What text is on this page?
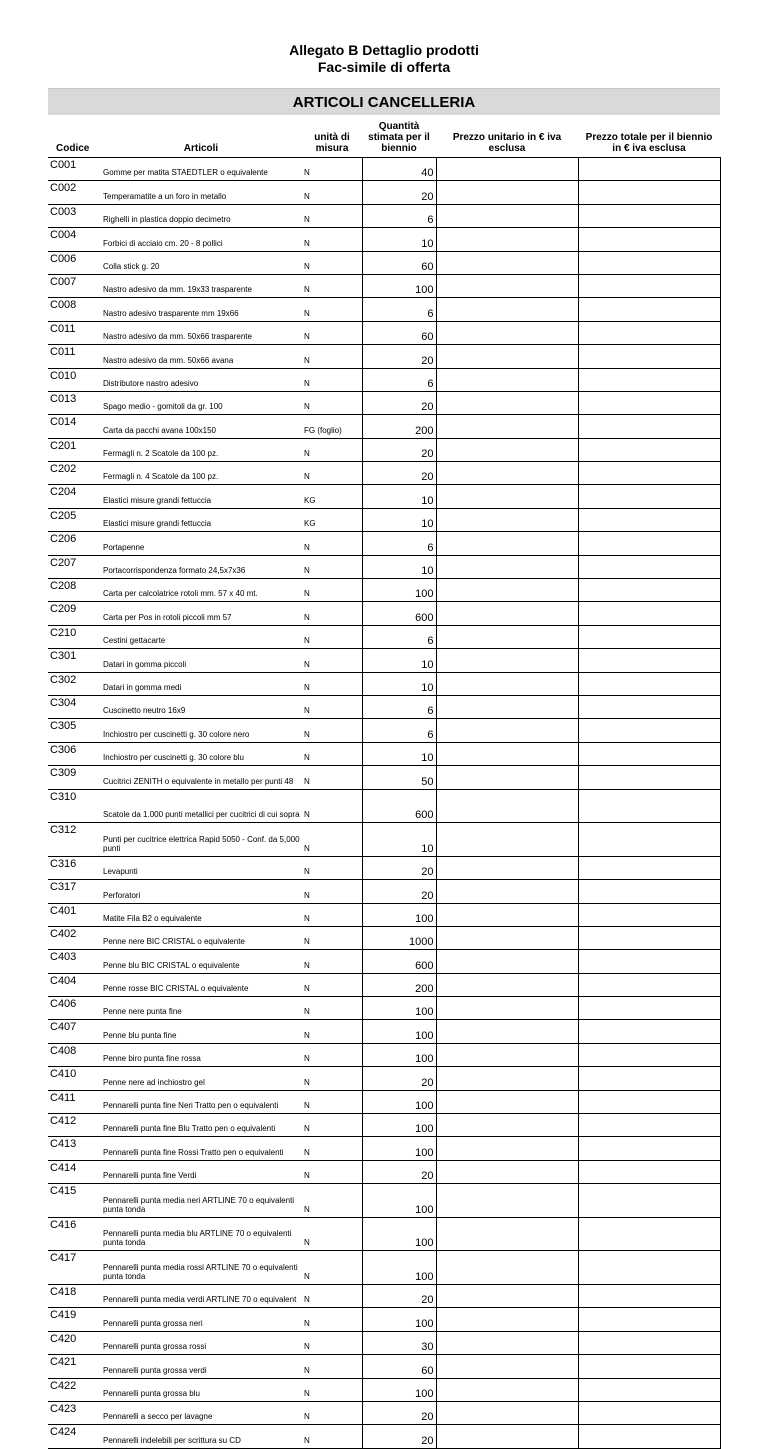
Allegato B Dettaglio prodotti
Fac-simile di offerta
ARTICOLI CANCELLERIA
Codice	Articoli	unità di misura	Quantità stimata per il biennio	Prezzo unitario in € iva esclusa	Prezzo totale per il biennio in € iva esclusa
C001	Gomme per matita STAEDTLER o equivalente	N	40		
C002	Temperamatite a un foro in metallo	N	20		
C003	Righelli in plastica doppio decimetro	N	6		
C004	Forbici di acciaio cm. 20 - 8 pollici	N	10		
C006	Colla stick g. 20	N	60		
C007	Nastro adesivo da mm. 19x33 trasparente	N	100		
C008	Nastro adesivo trasparente mm 19x66	N	6		
C011	Nastro adesivo da mm. 50x66 trasparente	N	60		
C011	Nastro adesivo da mm. 50x66 avana	N	20		
C010	Distributore nastro adesivo	N	6		
C013	Spago medio - gomitoli da gr. 100	N	20		
C014	Carta da pacchi avana 100x150	FG (foglio)	200		
C201	Fermagli n. 2 Scatole da 100 pz.	N	20		
C202	Fermagli n. 4 Scatole da 100 pz.	N	20		
C204	Elastici misure grandi fettuccia	KG	10		
C205	Elastici misure grandi fettuccia	KG	10		
C206	Portapenne	N	6		
C207	Portacorrispondenza formato 24,5x7x36	N	10		
C208	Carta per calcolatrice rotoli mm. 57 x 40 mt.	N	100		
C209	Carta per Pos in rotoli piccoli mm 57	N	600		
C210	Cestini gettacarte	N	6		
C301	Datari in gomma piccoli	N	10		
C302	Datari in gomma medi	N	10		
C304	Cuscinetto neutro 16x9	N	6		
C305	Inchiostro per cuscinetti g. 30 colore nero	N	6		
C306	Inchiostro per cuscinetti g. 30 colore blu	N	10		
C309	Cucitrici ZENITH o equivalente in metallo per punti 48	N	50		
C310	Scatole da 1.000 punti metallici per cucitrici di cui sopra	N	600		
C312	Punti per cucitrice elettrica Rapid 5050 - Conf. da 5,000 punti	N	10		
C316	Levapunti	N	20		
C317	Perforatori	N	20		
C401	Matite Fila B2 o equivalente	N	100		
C402	Penne nere BIC CRISTAL o equivalente	N	1000		
C403	Penne blu BIC CRISTAL o equivalente	N	600		
C404	Penne rosse BIC CRISTAL o equivalente	N	200		
C406	Penne nere punta fine	N	100		
C407	Penne blu punta fine	N	100		
C408	Penne biro punta fine rossa	N	100		
C410	Penne nere ad inchiostro gel	N	20		
C411	Pennarelli punta fine Neri Tratto pen o equivalenti	N	100		
C412	Pennarelli punta fine Blu Tratto pen o equivalenti	N	100		
C413	Pennarelli punta fine Rossi Tratto pen o equivalenti	N	100		
C414	Pennarelli punta fine Verdi	N	20		
C415	Pennarelli punta media neri ARTLINE 70 o equivalenti punta tonda	N	100		
C416	Pennarelli punta media blu ARTLINE 70 o equivalenti punta tonda	N	100		
C417	Pennarelli punta media rossi ARTLINE 70 o equivalenti punta tonda	N	100		
C418	Pennarelli punta media verdi ARTLINE 70 o equivalent	N	20		
C419	Pennarelli punta grossa neri	N	100		
C420	Pennarelli punta grossa rossi	N	30		
C421	Pennarelli punta grossa verdi	N	60		
C422	Pennarelli punta grossa blu	N	100		
C423	Pennarelli a secco per lavagne	N	20		
C424	Pennarelli indelebili per scrittura su CD	N	20		
